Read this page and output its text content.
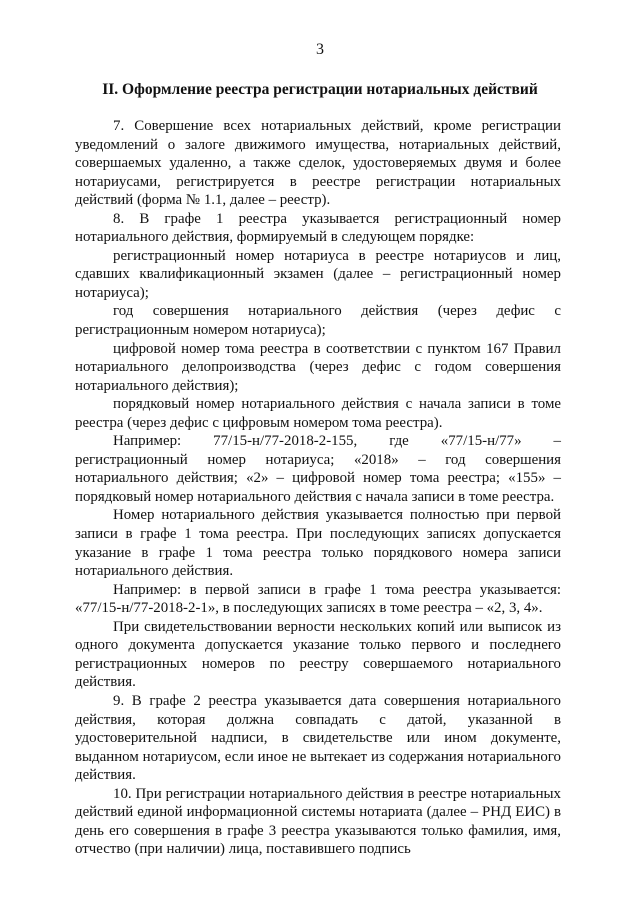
3
II. Оформление реестра регистрации нотариальных действий

7. Совершение всех нотариальных действий, кроме регистрации уведомлений о залоге движимого имущества, нотариальных действий, совершаемых удаленно, а также сделок, удостоверяемых двумя и более нотариусами, регистрируется в реестре регистрации нотариальных действий (форма № 1.1, далее – реестр).

8. В графе 1 реестра указывается регистрационный номер нотариального действия, формируемый в следующем порядке:

регистрационный номер нотариуса в реестре нотариусов и лиц, сдавших квалификационный экзамен (далее – регистрационный номер нотариуса);

год совершения нотариального действия (через дефис с регистрационным номером нотариуса);

цифровой номер тома реестра в соответствии с пунктом 167 Правил нотариального делопроизводства (через дефис с годом совершения нотариального действия);

порядковый номер нотариального действия с начала записи в томе реестра (через дефис с цифровым номером тома реестра).

Например: 77/15-н/77-2018-2-155, где «77/15-н/77» – регистрационный номер нотариуса; «2018» – год совершения нотариального действия; «2» – цифровой номер тома реестра; «155» – порядковый номер нотариального действия с начала записи в томе реестра.

Номер нотариального действия указывается полностью при первой записи в графе 1 тома реестра. При последующих записях допускается указание в графе 1 тома реестра только порядкового номера записи нотариального действия.

Например: в первой записи в графе 1 тома реестра указывается: «77/15-н/77-2018-2-1», в последующих записях в томе реестра – «2, 3, 4».

При свидетельствовании верности нескольких копий или выписок из одного документа допускается указание только первого и последнего регистрационных номеров по реестру совершаемого нотариального действия.

9. В графе 2 реестра указывается дата совершения нотариального действия, которая должна совпадать с датой, указанной в удостоверительной надписи, в свидетельстве или ином документе, выданном нотариусом, если иное не вытекает из содержания нотариального действия.

10. При регистрации нотариального действия в реестре нотариальных действий единой информационной системы нотариата (далее – РНД ЕИС) в день его совершения в графе 3 реестра указываются только фамилия, имя, отчество (при наличии) лица, поставившего подпись
